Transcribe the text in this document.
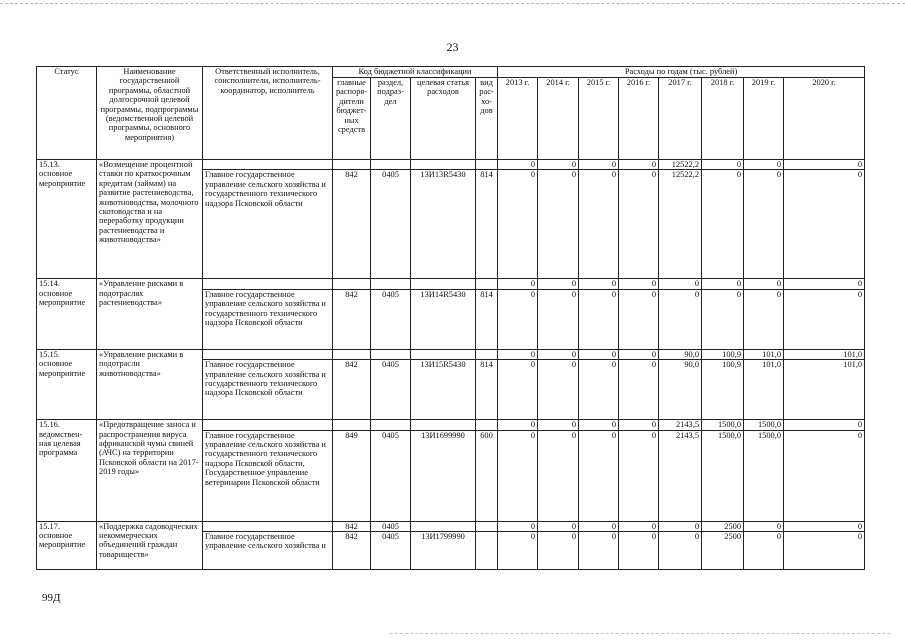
23
Статус	Наименование государственной программы, областной долгосрочной целевой программы, подпрограммы (ведомственной целевой программы, основного мероприятия)	Ответственный исполнитель, соисполнители, исполнитель-координатор, исполнитель	Код бюджетной классификации				Расходы по годам (тыс. рублей)							
			главные распоря-дители бюджет-ных средств	раздел, подраз-дел	целевая статья расходов	вид рас-хо-дов	2013 г.	2014 г.	2015 г.	2016 г.	2017 г.	2018 г.	2019 г.	2020 г.
15.13. основное мероприятие	«Возмещение процентной ставки по краткосрочным кредитам (займам) на развитие растениеводства, животноводства, молочного скотоводства и на переработку продукции растениеводства и животноводства»						0	0	0	0	12522,2	0	0	0
		Главное государственное управление сельского хозяйства и государственного технического надзора Псковской области	842	0405	13И13R5430	814	0	0	0	0	12522,2	0	0	0
15.14. основное мероприятие	«Управление рисками в подотраслях растениеводства»						0	0	0	0	0	0	0	0
		Главное государственное управление сельского хозяйства и государственного технического надзора Псковской области	842	0405	13И14R5430	814	0	0	0	0	0	0	0	0
15.15. основное мероприятие	«Управление рисками в подотрасли животноводства»						0	0	0	0	90,0	100,9	101,0	101,0
		Главное государственное управление сельского хозяйства и государственного технического надзора Псковской области	842	0405	13И15R5430	814	0	0	0	0	90,0	100,9	101,0	101,0
15.16. ведомствен-ная целевая программа	«Предотвращение заноса и распространения вируса африканской чумы свиней (АЧС) на территории Псковской области на 2017-2019 годы»						0	0	0	0	2143,5	1500,0	1500,0	0
		Главное государственное управление сельского хозяйства и государственного технического надзора Псковской области, Государственное управление ветеринарии Псковской области	849	0405	13И1699990	600	0	0	0	0	2143,5	1500,0	1500,0	0
15.17. основное мероприятие	«Поддержка садоводческих некоммерческих объединений граждан товариществ»		842	0405			0	0	0	0	0	2500	0	0
		Главное государственное управление сельского хозяйства и	842	0405	13И1799990		0	0	0	0	0	2500	0	0
99Д
